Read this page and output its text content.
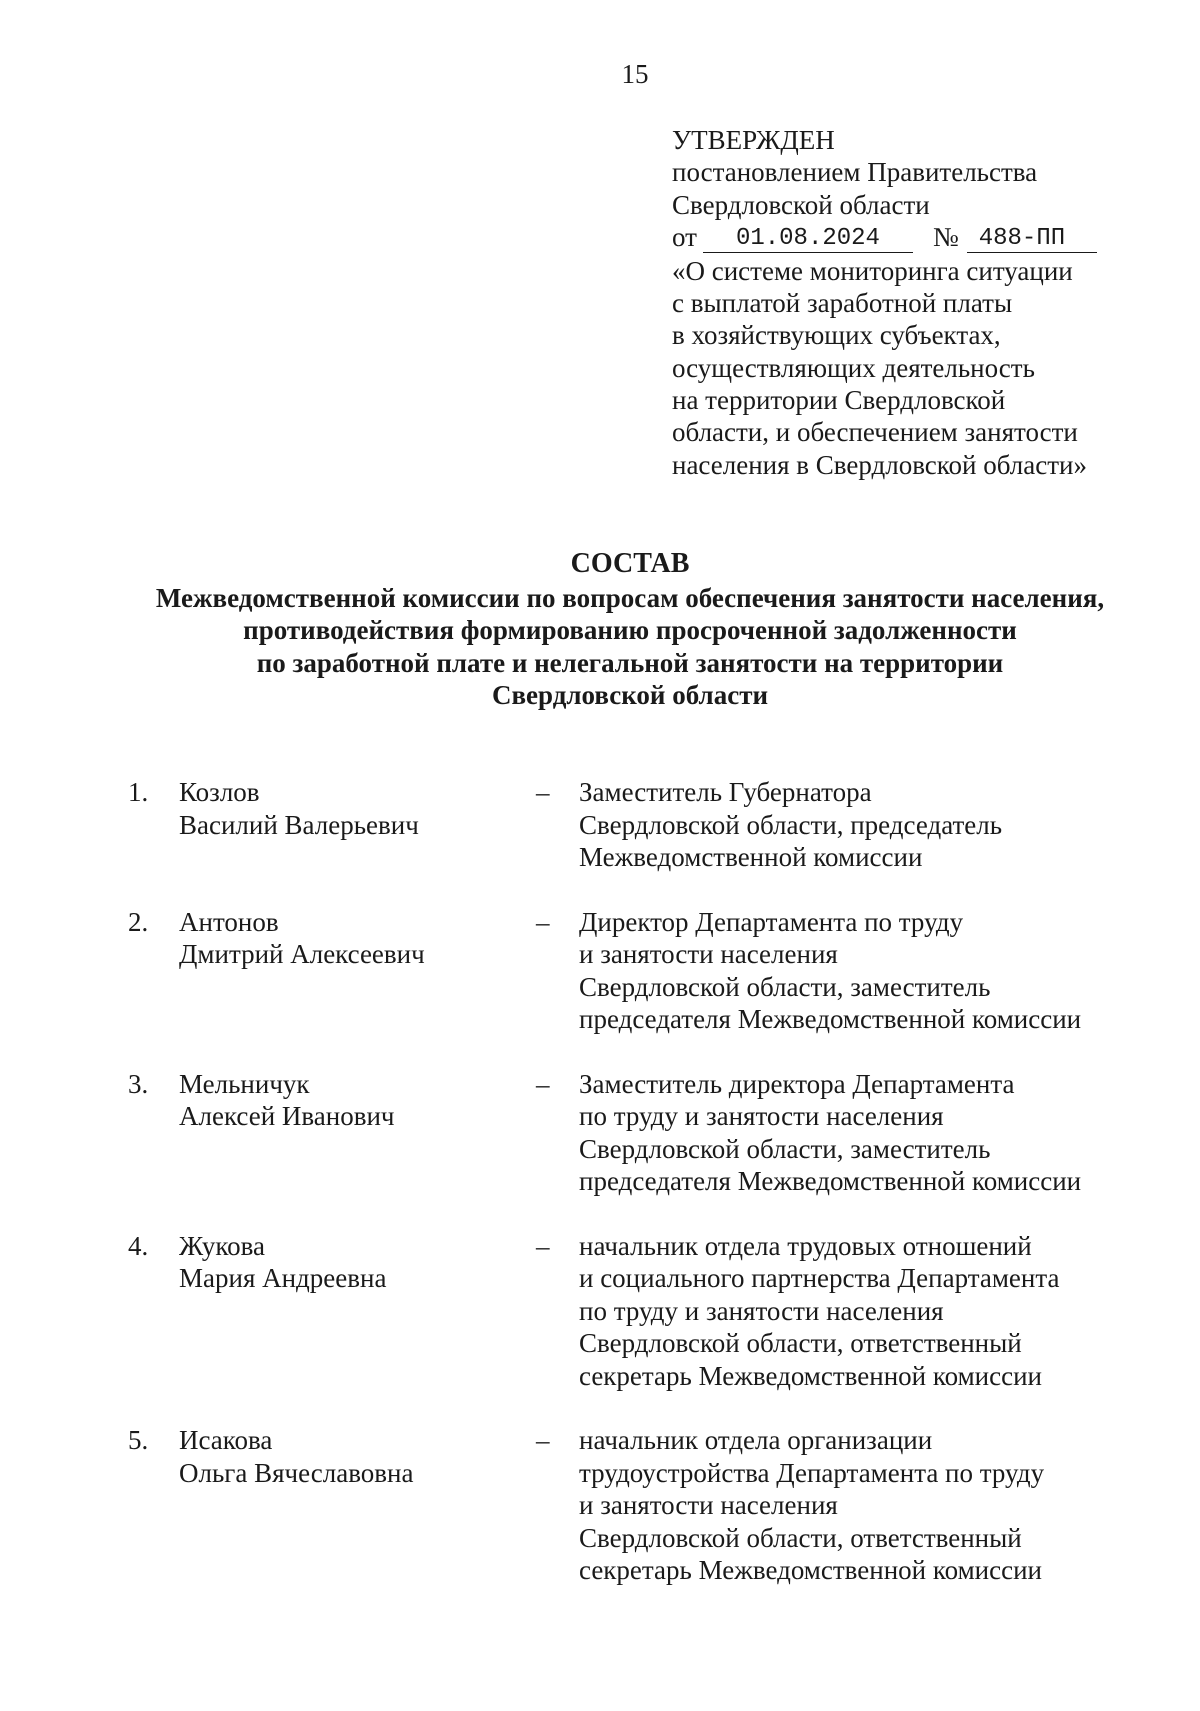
15
УТВЕРЖДЕН
постановлением Правительства
Свердловской области
от	01.08.2024	№ 488-ПП
«О системе мониторинга ситуации
с выплатой заработной платы
в хозяйствующих субъектах,
осуществляющих деятельность
на территории Свердловской
области, и обеспечением занятости
населения в Свердловской области»
СОСТАВ
Межведомственной комиссии по вопросам обеспечения занятости населения,
противодействия формированию просроченной задолженности
по заработной плате и нелегальной занятости на территории
Свердловской области
1. Козлов
Василий Валерьевич
– Заместитель Губернатора
Свердловской области, председатель
Межведомственной комиссии
2. Антонов
Дмитрий Алексеевич
– Директор Департамента по труду
и занятости населения
Свердловской области, заместитель
председателя Межведомственной комиссии
3. Мельничук
Алексей Иванович
– Заместитель директора Департамента
по труду и занятости населения
Свердловской области, заместитель
председателя Межведомственной комиссии
4. Жукова
Мария Андреевна
– начальник отдела трудовых отношений
и социального партнерства Департамента
по труду и занятости населения
Свердловской области, ответственный
секретарь Межведомственной комиссии
5. Исакова
Ольга Вячеславовна
– начальник отдела организации
трудоустройства Департамента по труду
и занятости населения
Свердловской области, ответственный
секретарь Межведомственной комиссии
